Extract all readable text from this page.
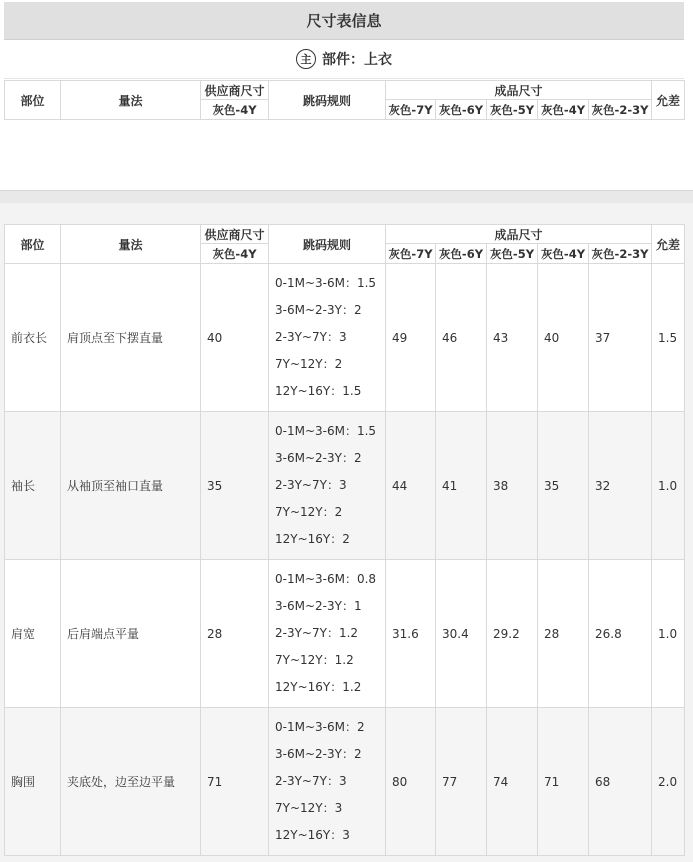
尺寸表信息
主 部件：上衣
部位	量法	供应商尺寸	跳码规则	成品尺寸					允差
		灰色-4Y		灰色-7Y	灰色-6Y	灰色-5Y	灰色-4Y	灰色-2-3Y	
部位	量法	供应商尺寸	跳码规则	成品尺寸					允差
		灰色-4Y		灰色-7Y	灰色-6Y	灰色-5Y	灰色-4Y	灰色-2-3Y	
前衣长	肩顶点至下摆直量	40	0-1M~3-6M：1.5
3-6M~2-3Y：2
2-3Y~7Y：3
7Y~12Y：2
12Y~16Y：1.5	49	46	43	40	37	1.5
袖长	从袖顶至袖口直量	35	0-1M~3-6M：1.5
3-6M~2-3Y：2
2-3Y~7Y：3
7Y~12Y：2
12Y~16Y：2	44	41	38	35	32	1.0
肩宽	后肩端点平量	28	0-1M~3-6M：0.8
3-6M~2-3Y：1
2-3Y~7Y：1.2
7Y~12Y：1.2
12Y~16Y：1.2	31.6	30.4	29.2	28	26.8	1.0
胸围	夹底处，边至边平量	71	0-1M~3-6M：2
3-6M~2-3Y：2
2-3Y~7Y：3
7Y~12Y：3
12Y~16Y：3	80	77	74	71	68	2.0
